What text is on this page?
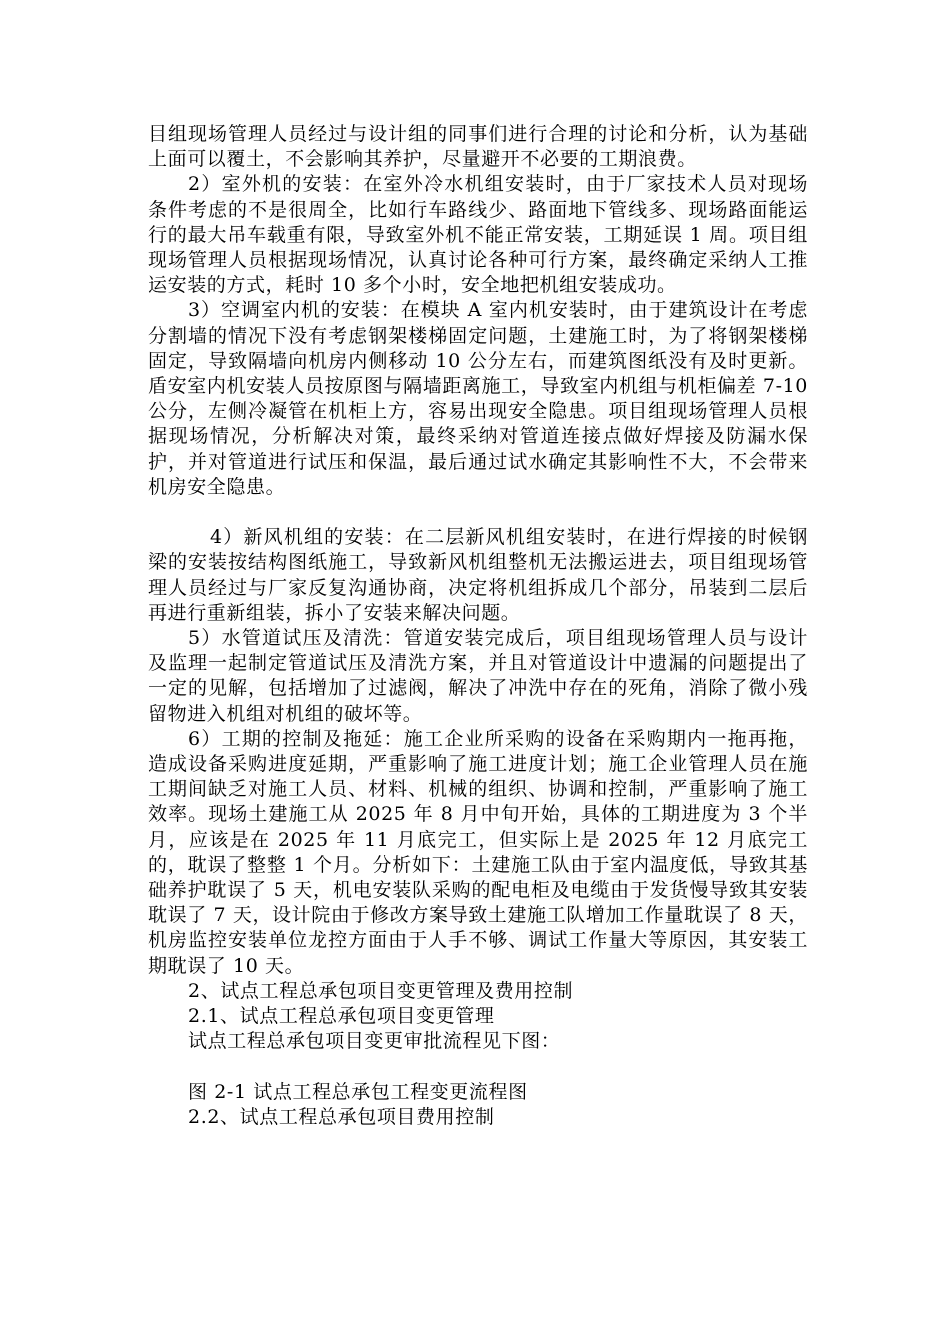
目组现场管理人员经过与设计组的同事们进行合理的讨论和分析，认为基础上面可以覆土，不会影响其养护，尽量避开不必要的工期浪费。

2）室外机的安装：在室外冷水机组安装时，由于厂家技术人员对现场条件考虑的不是很周全，比如行车路线少、路面地下管线多、现场路面能运行的最大吊车载重有限，导致室外机不能正常安装，工期延误 1 周。项目组现场管理人员根据现场情况，认真讨论各种可行方案，最终确定采纳人工推运安装的方式，耗时 10 多个小时，安全地把机组安装成功。

3）空调室内机的安装：在模块 A 室内机安装时，由于建筑设计在考虑分割墙的情况下没有考虑钢架楼梯固定问题，土建施工时，为了将钢架楼梯固定，导致隔墙向机房内侧移动 10 公分左右，而建筑图纸没有及时更新。盾安室内机安装人员按原图与隔墙距离施工，导致室内机组与机柜偏差 7-10 公分，左侧冷凝管在机柜上方，容易出现安全隐患。项目组现场管理人员根据现场情况，分析解决对策，最终采纳对管道连接点做好焊接及防漏水保护，并对管道进行试压和保温，最后通过试水确定其影响性不大，不会带来机房安全隐患。

4）新风机组的安装：在二层新风机组安装时，在进行焊接的时候钢梁的安装按结构图纸施工，导致新风机组整机无法搬运进去，项目组现场管理人员经过与厂家反复沟通协商，决定将机组拆成几个部分，吊装到二层后再进行重新组装，拆小了安装来解决问题。

5）水管道试压及清洗：管道安装完成后，项目组现场管理人员与设计及监理一起制定管道试压及清洗方案，并且对管道设计中遗漏的问题提出了一定的见解，包括增加了过滤阀，解决了冲洗中存在的死角，消除了微小残留物进入机组对机组的破坏等。

6）工期的控制及拖延：施工企业所采购的设备在采购期内一拖再拖，造成设备采购进度延期，严重影响了施工进度计划；施工企业管理人员在施工期间缺乏对施工人员、材料、机械的组织、协调和控制，严重影响了施工效率。现场土建施工从 2025 年 8 月中旬开始，具体的工期进度为 3 个半月，应该是在 2025 年 11 月底完工，但实际上是 2025 年 12 月底完工的，耽误了整整 1 个月。分析如下：土建施工队由于室内温度低，导致其基础养护耽误了 5 天，机电安装队采购的配电柜及电缆由于发货慢导致其安装耽误了 7 天，设计院由于修改方案导致土建施工队增加工作量耽误了 8 天，机房监控安装单位龙控方面由于人手不够、调试工作量大等原因，其安装工期耽误了 10 天。

2、试点工程总承包项目变更管理及费用控制

2.1、试点工程总承包项目变更管理

试点工程总承包项目变更审批流程见下图：

图 2-1 试点工程总承包工程变更流程图

2.2、试点工程总承包项目费用控制
